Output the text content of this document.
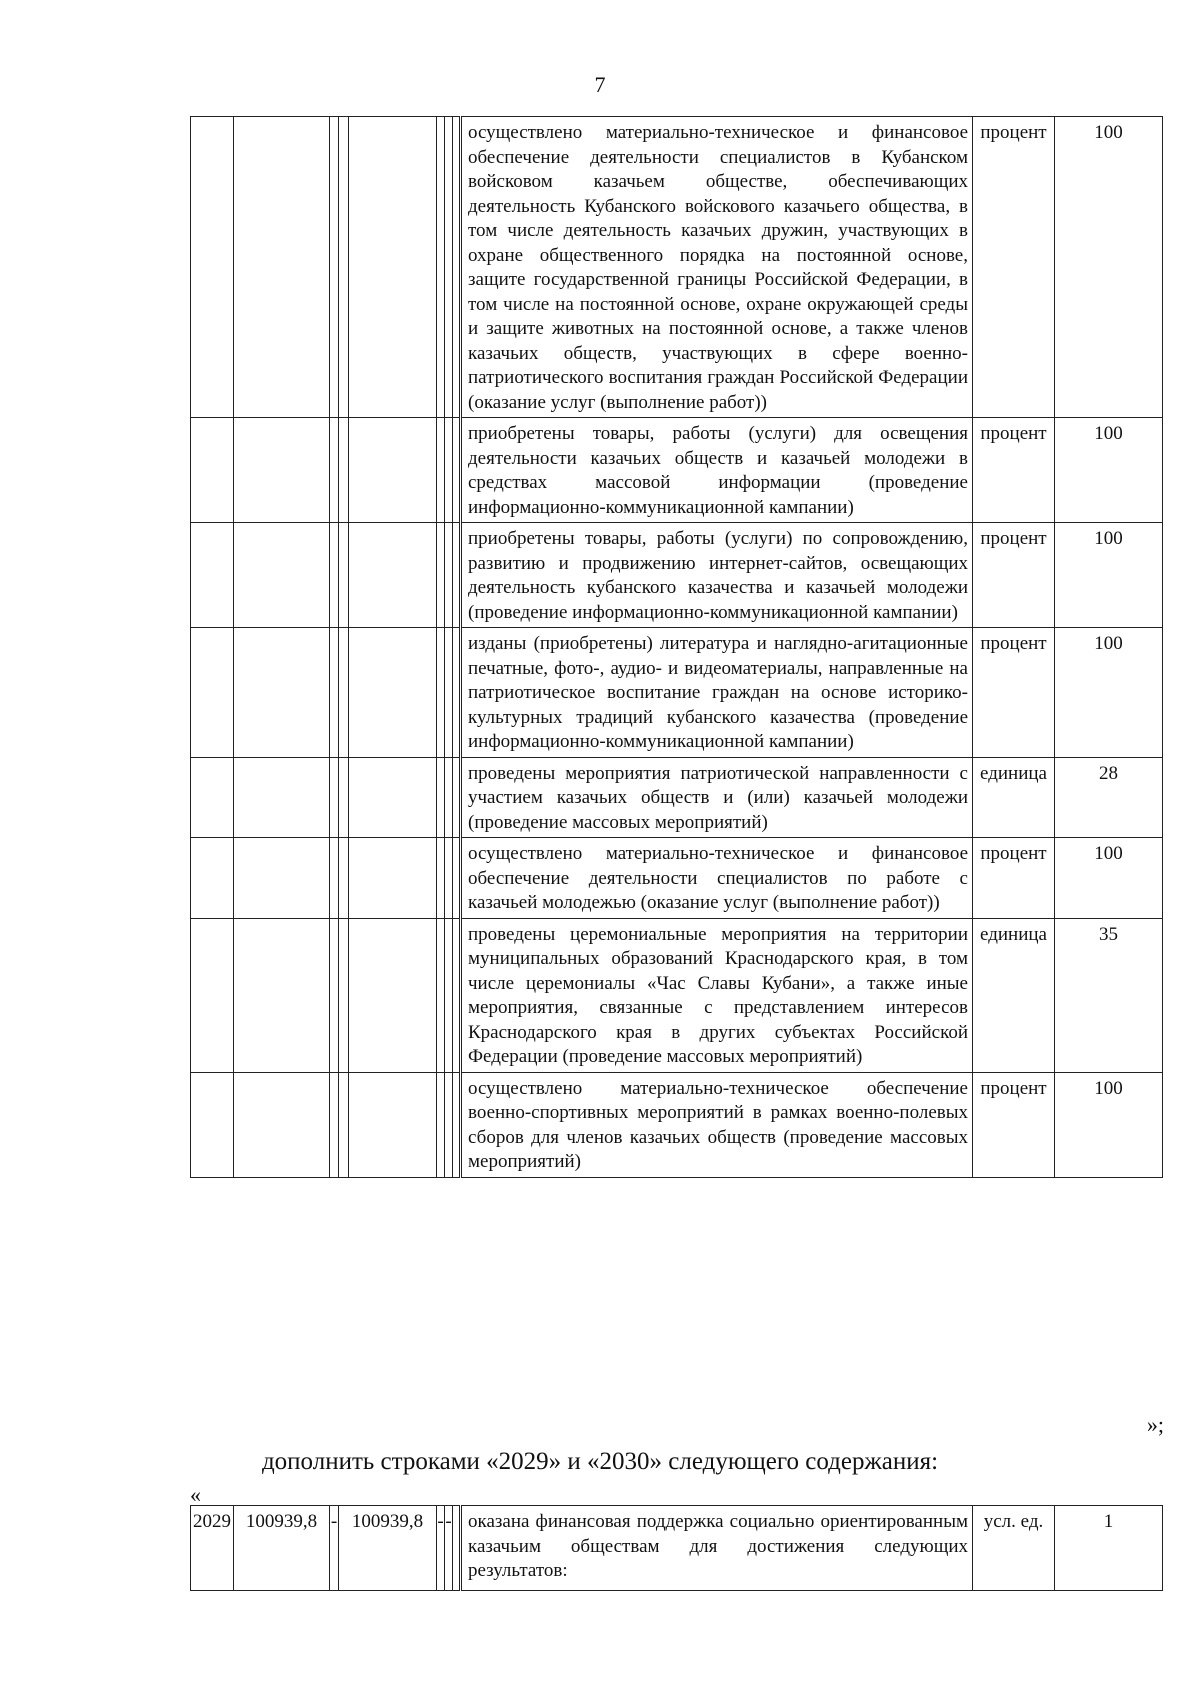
7
								осуществлено материально-техническое и финансовое обеспечение деятельности специалистов в Кубанском войсковом казачьем обществе, обеспечивающих деятельность Кубанского войскового казачьего общества, в том числе деятельность казачьих дружин, участвующих в охране общественного порядка на постоянной основе, защите государственной границы Российской Федерации, в том числе на постоянной основе, охране окружающей среды и защите животных на постоянной основе, а также членов казачьих обществ, участвующих в сфере военно-патриотического воспитания граждан Российской Федерации (оказание услуг (выполнение работ))	процент	100
								приобретены товары, работы (услуги) для освещения деятельности казачьих обществ и казачьей молодежи в средствах массовой информации (проведение информационно-коммуникационной кампании)	процент	100
								приобретены товары, работы (услуги) по сопровождению, развитию и продвижению интернет-сайтов, освещающих деятельность кубанского казачества и казачьей молодежи (проведение информационно-коммуникационной кампании)	процент	100
								изданы (приобретены) литература и наглядно-агитационные печатные, фото-, аудио- и видеоматериалы, направленные на патриотическое воспитание граждан на основе историко-культурных традиций кубанского казачества (проведение информационно-коммуникационной кампании)	процент	100
								проведены мероприятия патриотической направленности с участием казачьих обществ и (или) казачьей молодежи (проведение массовых мероприятий)	единица	28
								осуществлено материально-техническое и финансовое обеспечение деятельности специалистов по работе с казачьей молодежью (оказание услуг (выполнение работ))	процент	100
								проведены церемониальные мероприятия на территории муниципальных образований Краснодарского края, в том числе церемониалы «Час Славы Кубани», а также иные мероприятия, связанные с представлением интересов Краснодарского края в других субъектах Российской Федерации (проведение массовых мероприятий)	единица	35
								осуществлено материально-техническое обеспечение военно-спортивных мероприятий в рамках военно-полевых сборов для членов казачьих обществ (проведение массовых мероприятий)	процент	100
»;
дополнить строками «2029» и «2030» следующего содержания:
«
2029	100939,8	-	100939,8	-	-		оказана финансовая поддержка социально ориентированным казачьим обществам для достижения следующих результатов:	усл. ед.	1
